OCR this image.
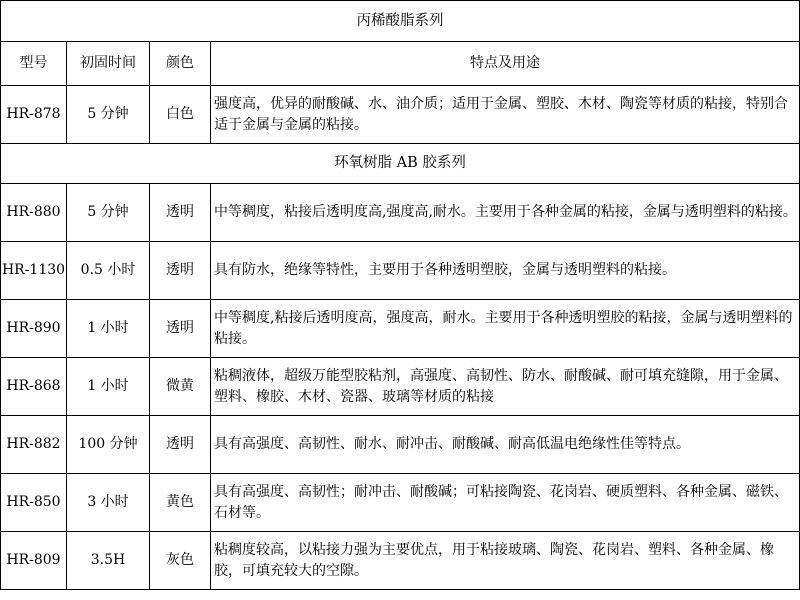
丙稀酸脂系列			
型号	初固时间	颜色	特点及用途
HR-878	5 分钟	白色	强度高，优异的耐酸碱、水、油介质；适用于金属、塑胶、木材、陶瓷等材质的粘接，特别合适于金属与金属的粘接。
环氧树脂 AB 胶系列			
HR-880	5 分钟	透明	中等稠度，粘接后透明度高,强度高,耐水。主要用于各种金属的粘接，金属与透明塑料的粘接。
HR-1130	0.5 小时	透明	具有防水，绝缘等特性，主要用于各种透明塑胶，金属与透明塑料的粘接。
HR-890	1 小时	透明	中等稠度,粘接后透明度高，强度高，耐水。主要用于各种透明塑胶的粘接，金属与透明塑料的粘接。
HR-868	1 小时	微黄	粘稠液体，超级万能型胶粘剂，高强度、高韧性、防水、耐酸碱、耐可填充缝隙，用于金属、塑料、橡胶、木材、瓷器、玻璃等材质的粘接
HR-882	100 分钟	透明	具有高强度、高韧性、耐水、耐冲击、耐酸碱、耐高低温电绝缘性佳等特点。
HR-850	3 小时	黄色	具有高强度、高韧性；耐冲击、耐酸碱；可粘接陶瓷、花岗岩、硬质塑料、各种金属、磁铁、石材等。
HR-809	3.5H	灰色	粘稠度较高，以粘接力强为主要优点，用于粘接玻璃、陶瓷、花岗岩、塑料、各种金属、橡胶，可填充较大的空隙。
